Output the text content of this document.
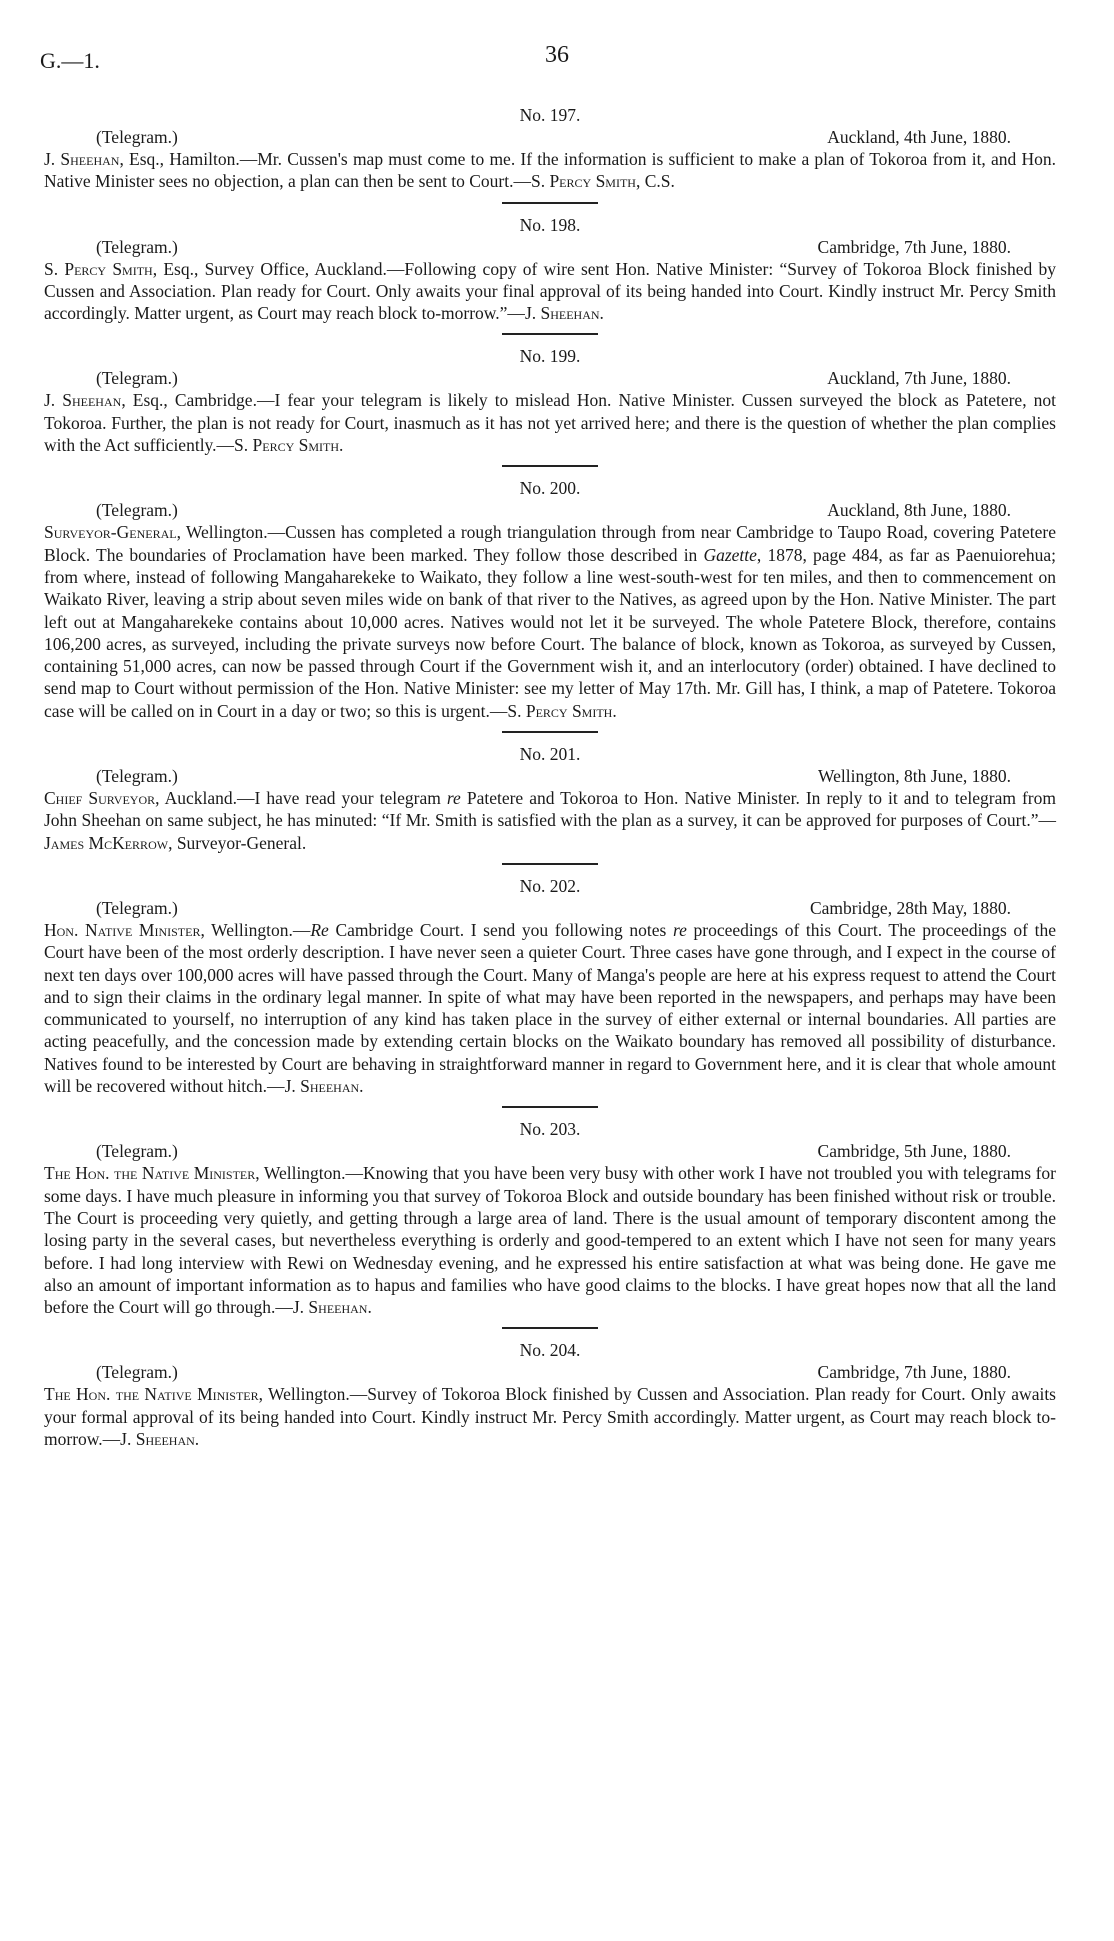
G.—1.	36
No. 197.
(Telegram.)	Auckland, 4th June, 1880.

J. Sheehan, Esq., Hamilton.—Mr. Cussen's map must come to me. If the information is sufficient to make a plan of Tokoroa from it, and Hon. Native Minister sees no objection, a plan can then be sent to Court.—S. Percy Smith, C.S.

No. 198.
(Telegram.)	Cambridge, 7th June, 1880.

S. Percy Smith, Esq., Survey Office, Auckland.—Following copy of wire sent Hon. Native Minister: “Survey of Tokoroa Block finished by Cussen and Association. Plan ready for Court. Only awaits your final approval of its being handed into Court. Kindly instruct Mr. Percy Smith accordingly. Matter urgent, as Court may reach block to-morrow.”—J. Sheehan.

No. 199.
(Telegram.)	Auckland, 7th June, 1880.

J. Sheehan, Esq., Cambridge.—I fear your telegram is likely to mislead Hon. Native Minister. Cussen surveyed the block as Patetere, not Tokoroa. Further, the plan is not ready for Court, inasmuch as it has not yet arrived here; and there is the question of whether the plan complies with the Act sufficiently.—S. Percy Smith.

No. 200.
(Telegram.)	Auckland, 8th June, 1880.

Surveyor-General, Wellington.—Cussen has completed a rough triangulation through from near Cambridge to Taupo Road, covering Patetere Block. The boundaries of Proclamation have been marked. They follow those described in Gazette, 1878, page 484, as far as Paenuiorehua; from where, instead of following Mangaharekeke to Waikato, they follow a line west-south-west for ten miles, and then to commencement on Waikato River, leaving a strip about seven miles wide on bank of that river to the Natives, as agreed upon by the Hon. Native Minister. The part left out at Mangaharekeke contains about 10,000 acres. Natives would not let it be surveyed. The whole Patetere Block, therefore, contains 106,200 acres, as surveyed, including the private surveys now before Court. The balance of block, known as Tokoroa, as surveyed by Cussen, containing 51,000 acres, can now be passed through Court if the Government wish it, and an interlocutory (order) obtained. I have declined to send map to Court without permission of the Hon. Native Minister: see my letter of May 17th. Mr. Gill has, I think, a map of Patetere. Tokoroa case will be called on in Court in a day or two; so this is urgent.—S. Percy Smith.

No. 201.
(Telegram.)	Wellington, 8th June, 1880.

Chief Surveyor, Auckland.—I have read your telegram re Patetere and Tokoroa to Hon. Native Minister. In reply to it and to telegram from John Sheehan on same subject, he has minuted: “If Mr. Smith is satisfied with the plan as a survey, it can be approved for purposes of Court.”—James McKerrow, Surveyor-General.

No. 202.
(Telegram.)	Cambridge, 28th May, 1880.

Hon. Native Minister, Wellington.—Re Cambridge Court. I send you following notes re proceedings of this Court. The proceedings of the Court have been of the most orderly description. I have never seen a quieter Court. Three cases have gone through, and I expect in the course of next ten days over 100,000 acres will have passed through the Court. Many of Manga's people are here at his express request to attend the Court and to sign their claims in the ordinary legal manner. In spite of what may have been reported in the newspapers, and perhaps may have been communicated to yourself, no interruption of any kind has taken place in the survey of either external or internal boundaries. All parties are acting peacefully, and the concession made by extending certain blocks on the Waikato boundary has removed all possibility of disturbance. Natives found to be interested by Court are behaving in straightforward manner in regard to Government here, and it is clear that whole amount will be recovered without hitch.—J. Sheehan.

No. 203.
(Telegram.)	Cambridge, 5th June, 1880.

The Hon. the Native Minister, Wellington.—Knowing that you have been very busy with other work I have not troubled you with telegrams for some days. I have much pleasure in informing you that survey of Tokoroa Block and outside boundary has been finished without risk or trouble. The Court is proceeding very quietly, and getting through a large area of land. There is the usual amount of temporary discontent among the losing party in the several cases, but nevertheless everything is orderly and good-tempered to an extent which I have not seen for many years before. I had long interview with Rewi on Wednesday evening, and he expressed his entire satisfaction at what was being done. He gave me also an amount of important information as to hapus and families who have good claims to the blocks. I have great hopes now that all the land before the Court will go through.—J. Sheehan.

No. 204.
(Telegram.)	Cambridge, 7th June, 1880.

The Hon. the Native Minister, Wellington.—Survey of Tokoroa Block finished by Cussen and Association. Plan ready for Court. Only awaits your formal approval of its being handed into Court. Kindly instruct Mr. Percy Smith accordingly. Matter urgent, as Court may reach block to-morrow.—J. Sheehan.
